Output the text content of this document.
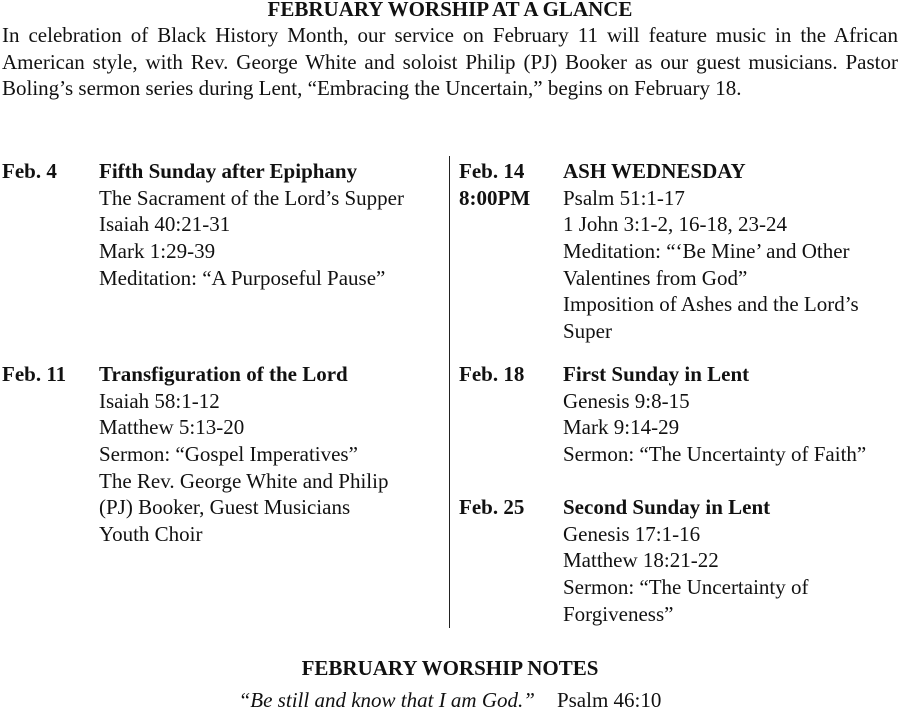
FEBRUARY WORSHIP AT A GLANCE
In celebration of Black History Month, our service on February 11 will feature music in the African American style, with Rev. George White and soloist Philip (PJ) Booker as our guest musicians. Pastor Boling’s sermon series during Lent, “Embracing the Uncertain,” begins on February 18.
Feb. 4 Fifth Sunday after Epiphany
The Sacrament of the Lord’s Supper
Isaiah 40:21-31
Mark 1:29-39
Meditation: “A Purposeful Pause”
Feb. 11 Transfiguration of the Lord
Isaiah 58:1-12
Matthew 5:13-20
Sermon: “Gospel Imperatives”
The Rev. George White and Philip
(PJ) Booker, Guest Musicians
Youth Choir
Feb. 14
8:00PM
ASH WEDNESDAY
Psalm 51:1-17
1 John 3:1-2, 16-18, 23-24
Meditation: “‘Be Mine’ and Other
Valentines from God”
Imposition of Ashes and the Lord’s
Super
Feb. 18 First Sunday in Lent
Genesis 9:8-15
Mark 9:14-29
Sermon: “The Uncertainty of Faith”
Feb. 25 Second Sunday in Lent
Genesis 17:1-16
Matthew 18:21-22
Sermon: “The Uncertainty of
Forgiveness”
FEBRUARY WORSHIP NOTES
“Be still and know that I am God.” Psalm 46:10
